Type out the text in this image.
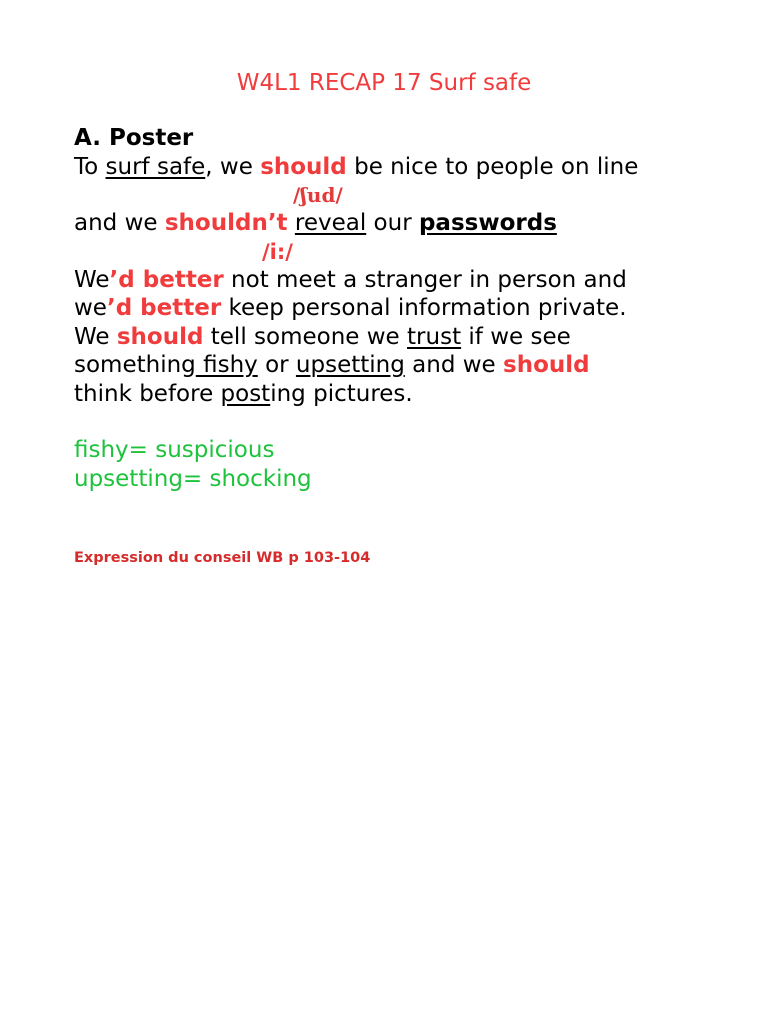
W4L1 RECAP 17 Surf safe
A. Poster
To surf safe, we should be nice to people on line
/ʃud/
and we shouldn’t reveal our passwords
/i:/
We’d better not meet a stranger in person and
we’d better keep personal information private.
We should tell someone we trust if we see
something fishy or upsetting and we should
think before posting pictures.
fishy= suspicious
upsetting= shocking
Expression du conseil WB p 103-104
